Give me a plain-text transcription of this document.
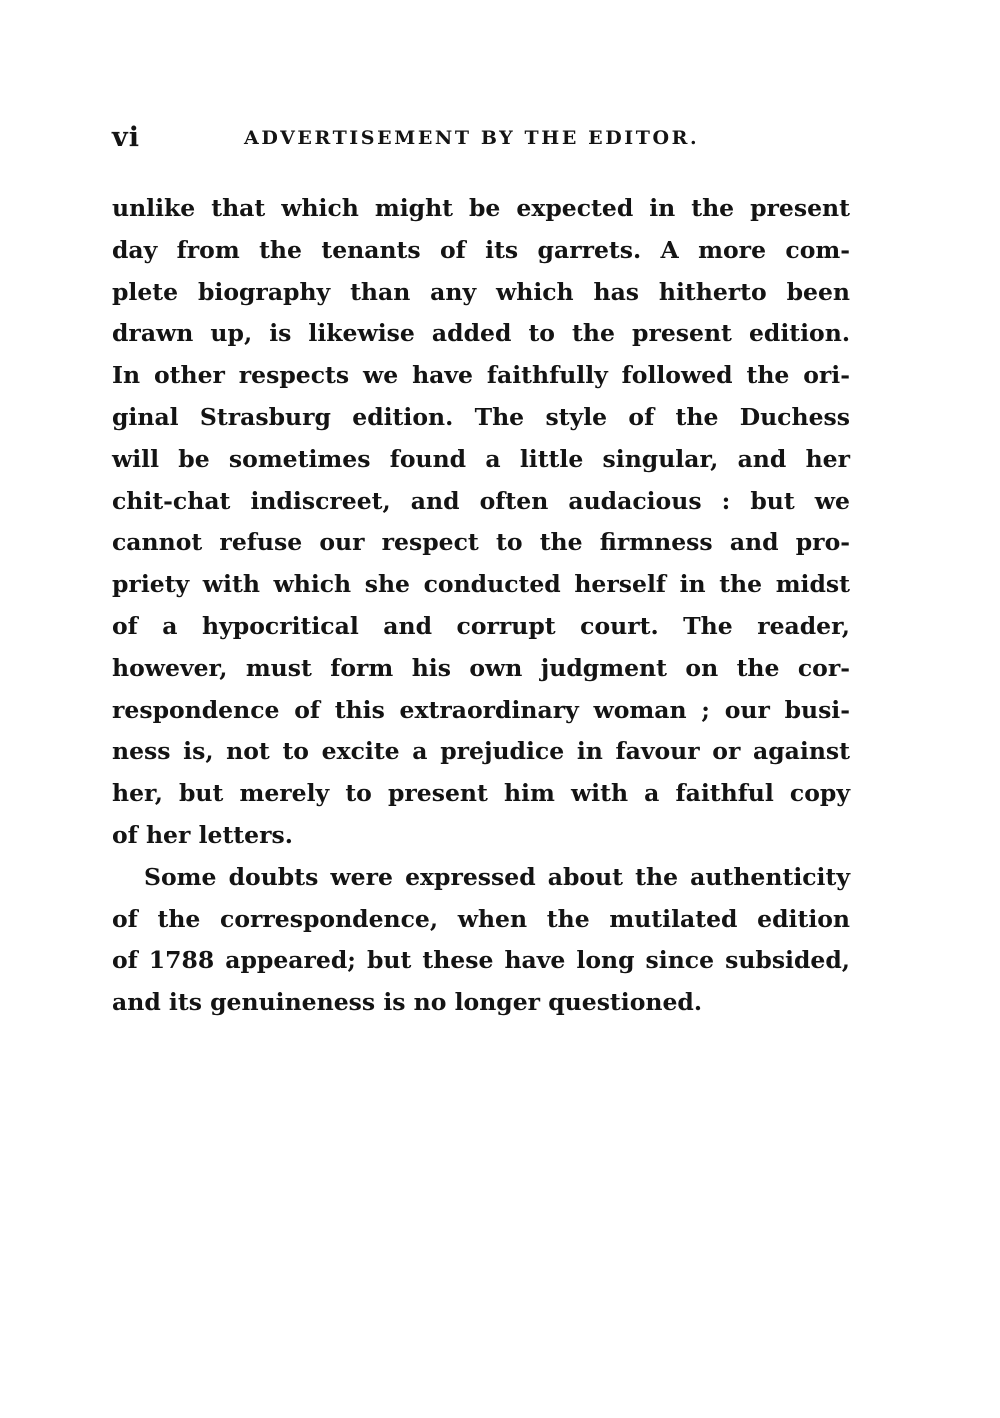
vi	ADVERTISEMENT BY THE EDITOR.
unlike that which might be expected in the present
day from the tenants of its garrets. A more com-
plete biography than any which has hitherto been
drawn up, is likewise added to the present edition.
In other respects we have faithfully followed the ori-
ginal Strasburg edition. The style of the Duchess
will be sometimes found a little singular, and her
chit-chat indiscreet, and often audacious : but we
cannot refuse our respect to the firmness and pro-
priety with which she conducted herself in the midst
of a hypocritical and corrupt court. The reader,
however, must form his own judgment on the cor-
respondence of this extraordinary woman ; our busi-
ness is, not to excite a prejudice in favour or against
her, but merely to present him with a faithful copy
of her letters.
Some doubts were expressed about the authenticity
of the correspondence, when the mutilated edition
of 1788 appeared; but these have long since subsided,
and its genuineness is no longer questioned.
